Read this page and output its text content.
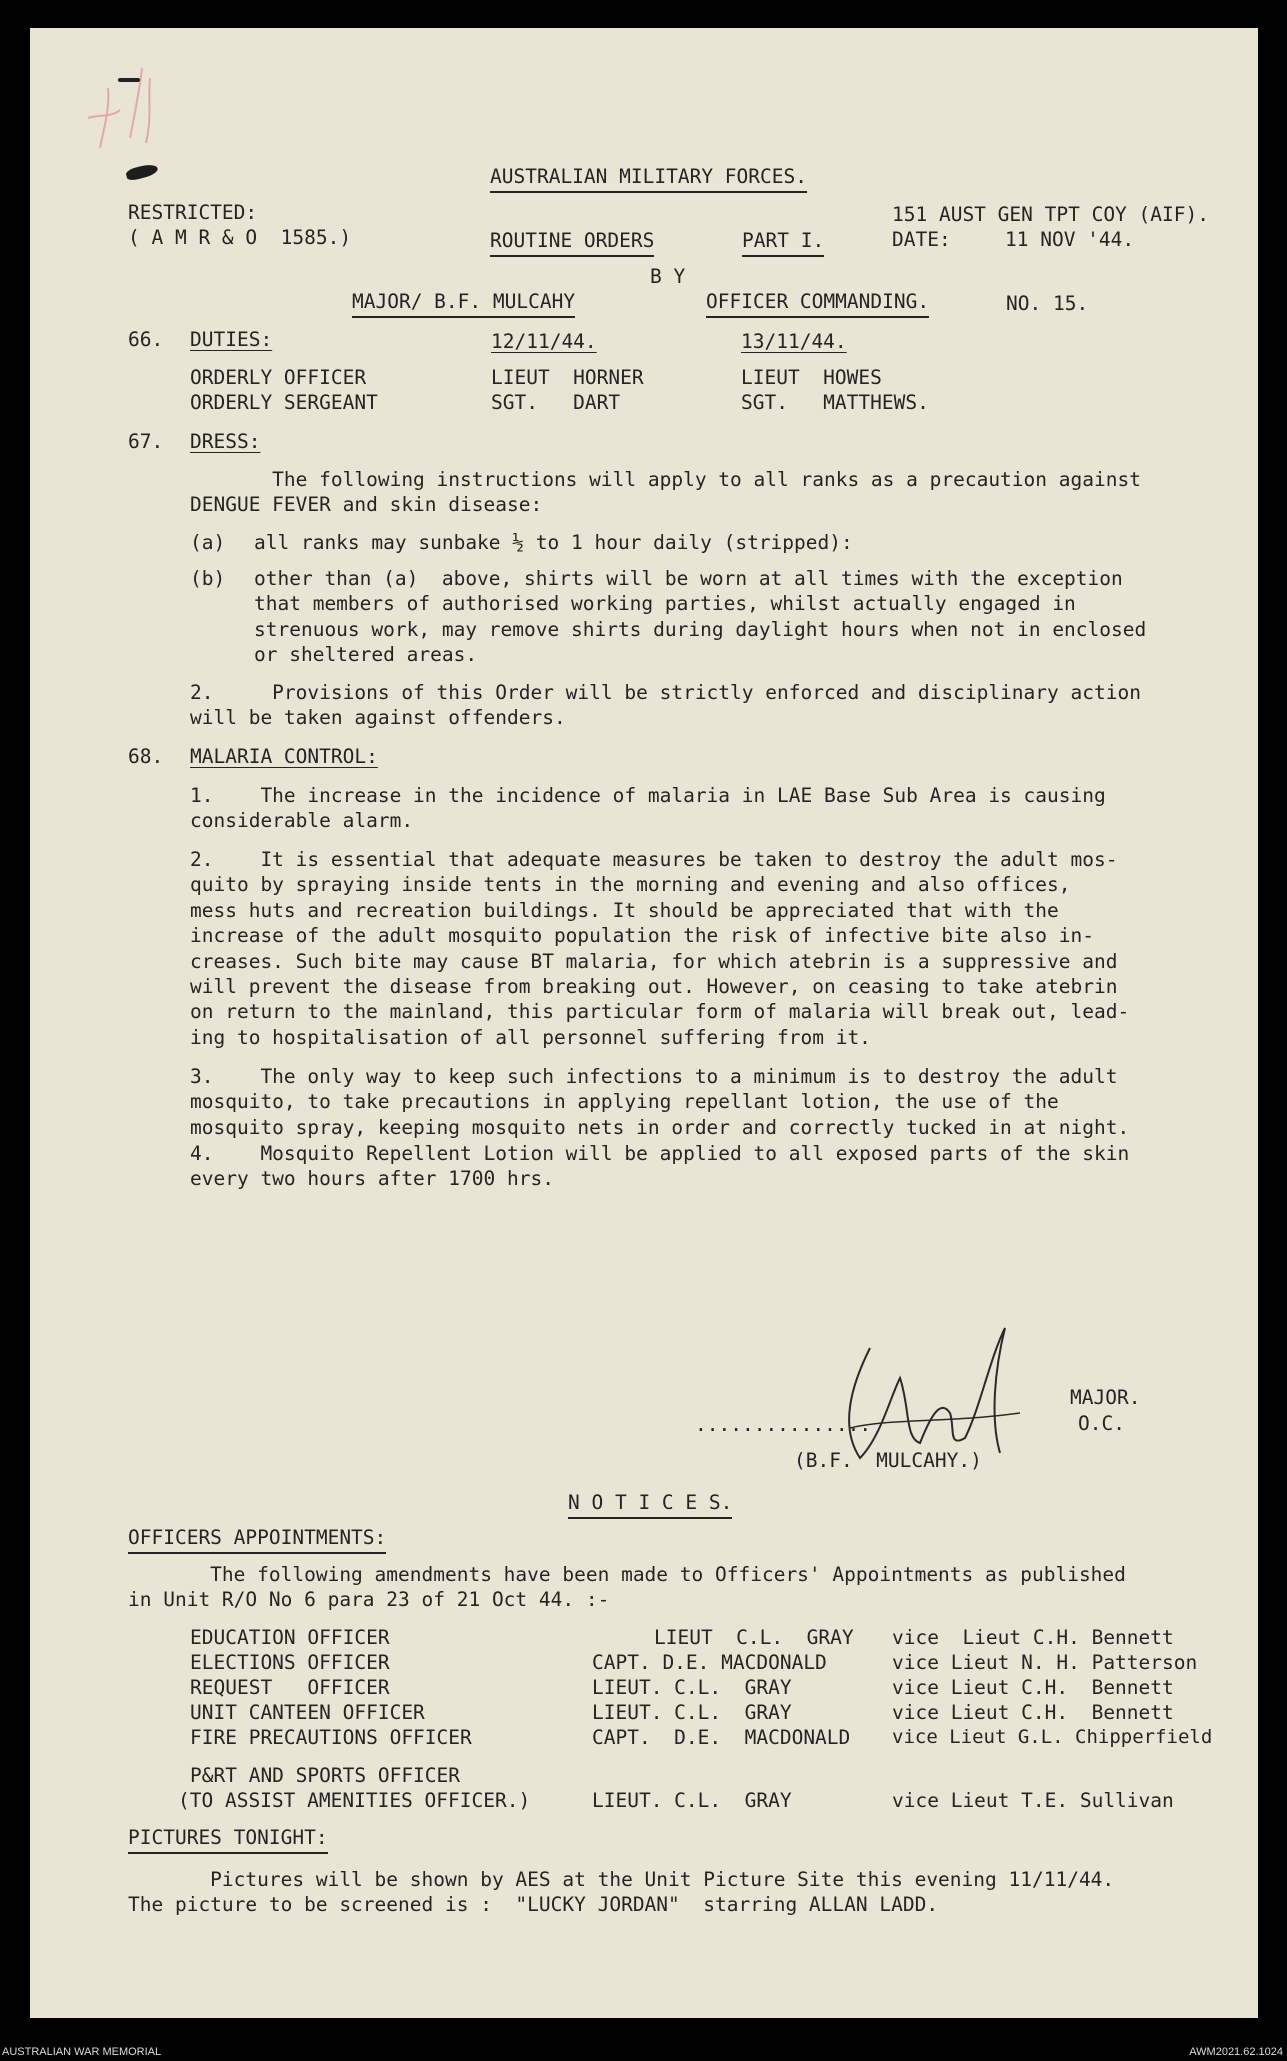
AUSTRALIAN MILITARY FORCES.
RESTRICTED:
( A M R & O  1585.)	ROUTINE ORDERS	PART I.
151 AUST GEN TPT COY (AIF).
DATE:	11 NOV '44.
B Y
MAJOR/ B.F. MULCAHY	OFFICER COMMANDING.	NO. 15.
66. DUTIES:	12/11/44.	13/11/44.
ORDERLY OFFICER	LIEUT  HORNER	LIEUT  HOWES
ORDERLY SERGEANT	SGT.   DART	SGT.   MATTHEWS.
67. DRESS:
The following instructions will apply to all ranks as a precaution against
DENGUE FEVER and skin disease:
(a) all ranks may sunbake ½ to 1 hour daily (stripped):
(b) other than (a)  above, shirts will be worn at all times with the exception
that members of authorised working parties, whilst actually engaged in
strenuous work, may remove shirts during daylight hours when not in enclosed
or sheltered areas.
2.     Provisions of this Order will be strictly enforced and disciplinary action
will be taken against offenders.
68. MALARIA CONTROL:
1.    The increase in the incidence of malaria in LAE Base Sub Area is causing
considerable alarm.
2.    It is essential that adequate measures be taken to destroy the adult mos-
quito by spraying inside tents in the morning and evening and also offices,
mess huts and recreation buildings. It should be appreciated that with the
increase of the adult mosquito population the risk of infective bite also in-
creases. Such bite may cause BT malaria, for which atebrin is a suppressive and
will prevent the disease from breaking out. However, on ceasing to take atebrin
on return to the mainland, this particular form of malaria will break out, lead-
ing to hospitalisation of all personnel suffering from it.
3.    The only way to keep such infections to a minimum is to destroy the adult
mosquito, to take precautions in applying repellant lotion, the use of the
mosquito spray, keeping mosquito nets in order and correctly tucked in at night.
4.    Mosquito Repellent Lotion will be applied to all exposed parts of the skin
every two hours after 1700 hrs.
...............
MAJOR.
O.C.
(B.F.  MULCAHY.)
N O T I C E S.
OFFICERS APPOINTMENTS:
The following amendments have been made to Officers' Appointments as published
in Unit R/O No 6 para 23 of 21 Oct 44. :-
EDUCATION OFFICER	LIEUT  C.L.  GRAY vice  Lieut C.H. Bennett
ELECTIONS OFFICER	CAPT. D.E. MACDONALD	vice Lieut N. H. Patterson
REQUEST   OFFICER	LIEUT. C.L.  GRAY	vice Lieut C.H.  Bennett
UNIT CANTEEN OFFICER	LIEUT. C.L.  GRAY	vice Lieut C.H.  Bennett
FIRE PRECAUTIONS OFFICER	CAPT.  D.E.  MACDONALD vice Lieut G.L. Chipperfield
P&RT AND SPORTS OFFICER
(TO ASSIST AMENITIES OFFICER.)	LIEUT. C.L.  GRAY	vice Lieut T.E. Sullivan
PICTURES TONIGHT:
Pictures will be shown by AES at the Unit Picture Site this evening 11/11/44.
The picture to be screened is :  "LUCKY JORDAN"  starring ALLAN LADD.
AUSTRALIAN WAR MEMORIAL	AWM2021.62.1024
